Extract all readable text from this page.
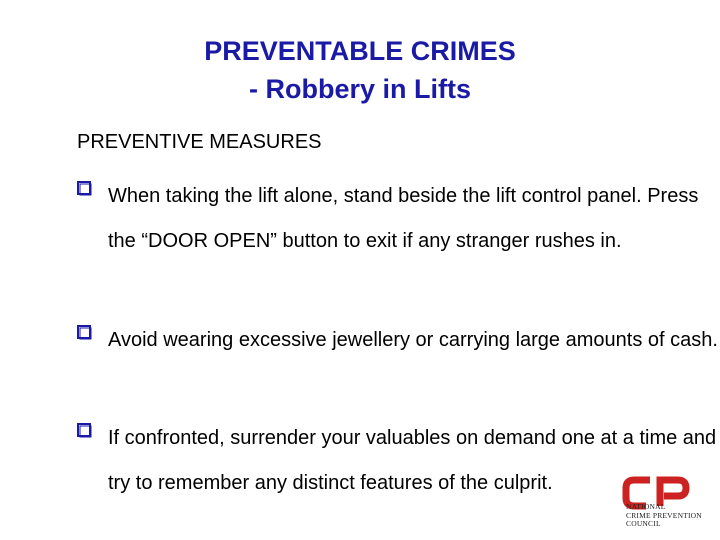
PREVENTABLE CRIMES
- Robbery in Lifts
PREVENTIVE MEASURES
When taking the lift alone, stand beside the lift control panel. Press the “DOOR OPEN” button to exit if any stranger rushes in.
Avoid wearing excessive jewellery or carrying large amounts of cash.
If confronted, surrender your valuables on demand one at a time and try to remember any distinct features of the culprit.
NATIONAL
CRIME PREVENTION
COUNCIL
